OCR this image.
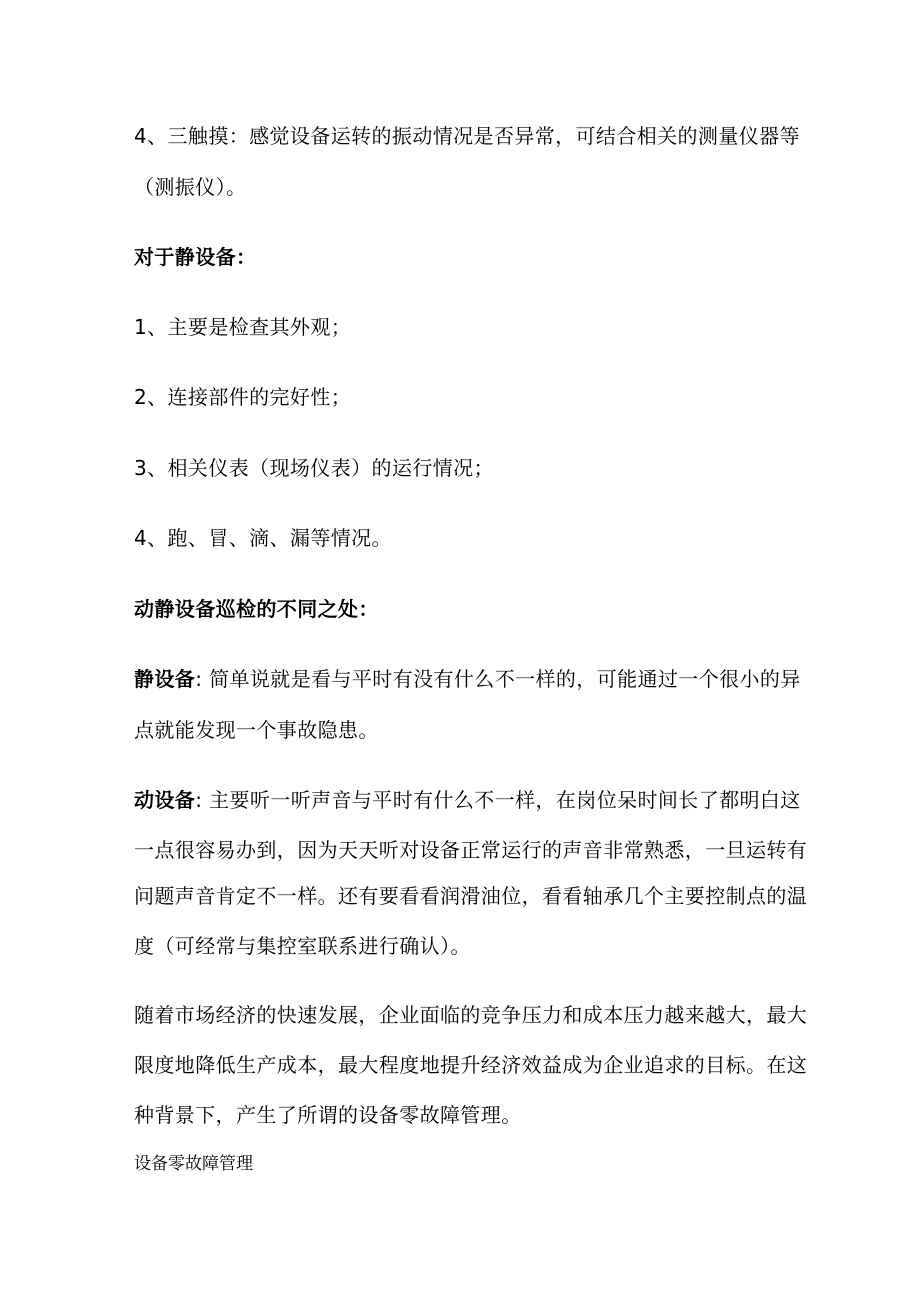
4、三触摸：感觉设备运转的振动情况是否异常，可结合相关的测量仪器等
（测振仪）。
对于静设备：
1、主要是检查其外观；
2、连接部件的完好性；
3、相关仪表（现场仪表）的运行情况；
4、跑、冒、滴、漏等情况。
动静设备巡检的不同之处：
静设备: 简单说就是看与平时有没有什么不一样的，可能通过一个很小的异
点就能发现一个事故隐患。
动设备: 主要听一听声音与平时有什么不一样，在岗位呆时间长了都明白这
一点很容易办到，因为天天听对设备正常运行的声音非常熟悉，一旦运转有
问题声音肯定不一样。还有要看看润滑油位，看看轴承几个主要控制点的温
度（可经常与集控室联系进行确认）。
随着市场经济的快速发展，企业面临的竞争压力和成本压力越来越大，最大
限度地降低生产成本，最大程度地提升经济效益成为企业追求的目标。在这
种背景下，产生了所谓的设备零故障管理。
设备零故障管理
